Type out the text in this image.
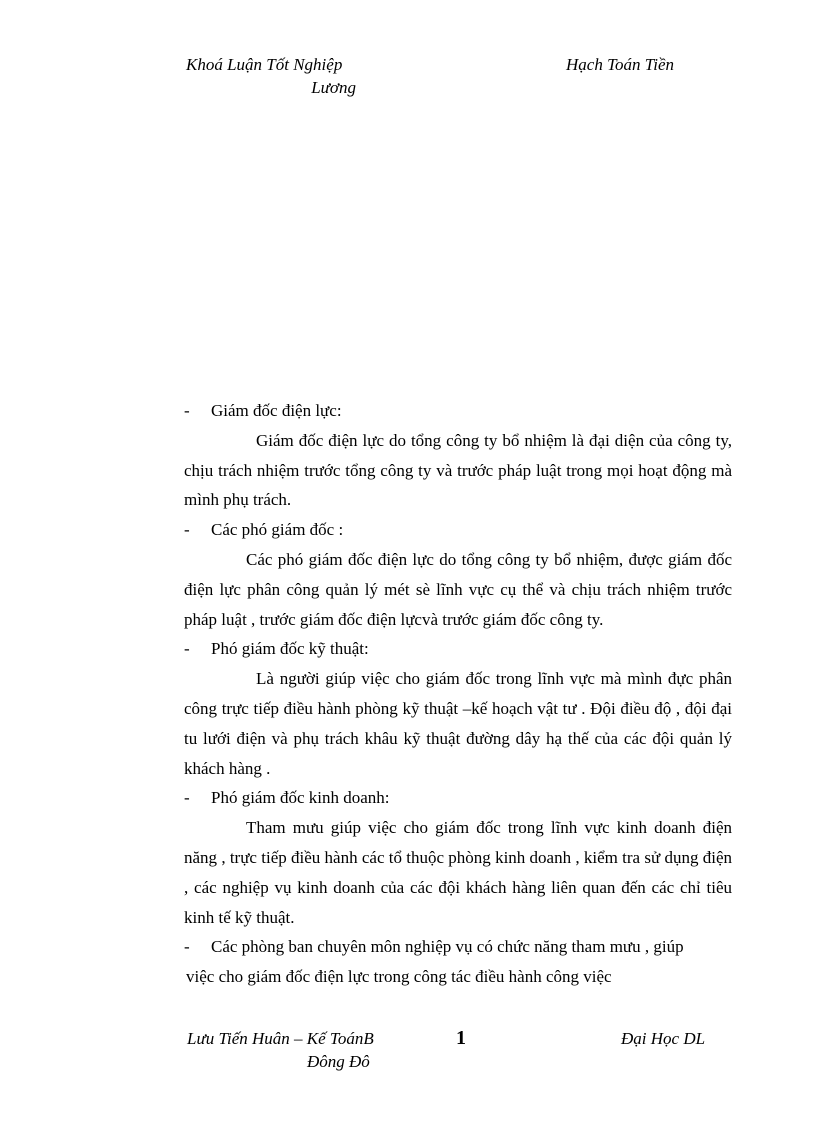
Khoá Luận Tốt Nghiệp
Lương
Hạch Toán Tiền
-	Giám đốc điện lực:

Giám đốc điện lực do tổng công ty bổ nhiệm là đại diện của công ty, chịu trách nhiệm trước tổng công ty và trước pháp luật trong mọi hoạt động mà mình phụ trách.

-	Các phó giám đốc :

Các phó giám đốc điện lực do tổng công ty bổ nhiệm, được giám đốc điện lực phân công quản lý mét sè lĩnh vực cụ thể và chịu trách nhiệm trước pháp luật , trước giám đốc điện lựcvà trước giám đốc công ty.

-	Phó giám đốc kỹ thuật:

Là người giúp việc cho giám đốc trong lĩnh vực mà mình đực phân công trực tiếp điều hành phòng kỹ thuật –kế hoạch vật tư . Đội điều độ , đội đại tu lưới điện và phụ trách khâu kỹ thuật đường dây hạ thế của các đội quản lý khách hàng .

-	Phó giám đốc kinh doanh:

Tham mưu giúp việc cho giám đốc trong lĩnh vực kinh doanh điện năng , trực tiếp điều hành các tổ thuộc phòng kinh doanh , kiểm tra sử dụng điện , các nghiệp vụ kinh doanh của các đội khách hàng liên quan đến các chỉ tiêu kinh tế kỹ thuật.

-	Các phòng ban chuyên môn nghiệp vụ có chức năng tham mưu , giúp
việc cho giám đốc điện lực trong công tác điều hành công việc
Lưu Tiến Huân – Kế ToánB
Đông Đô
1	Đại Học DL
